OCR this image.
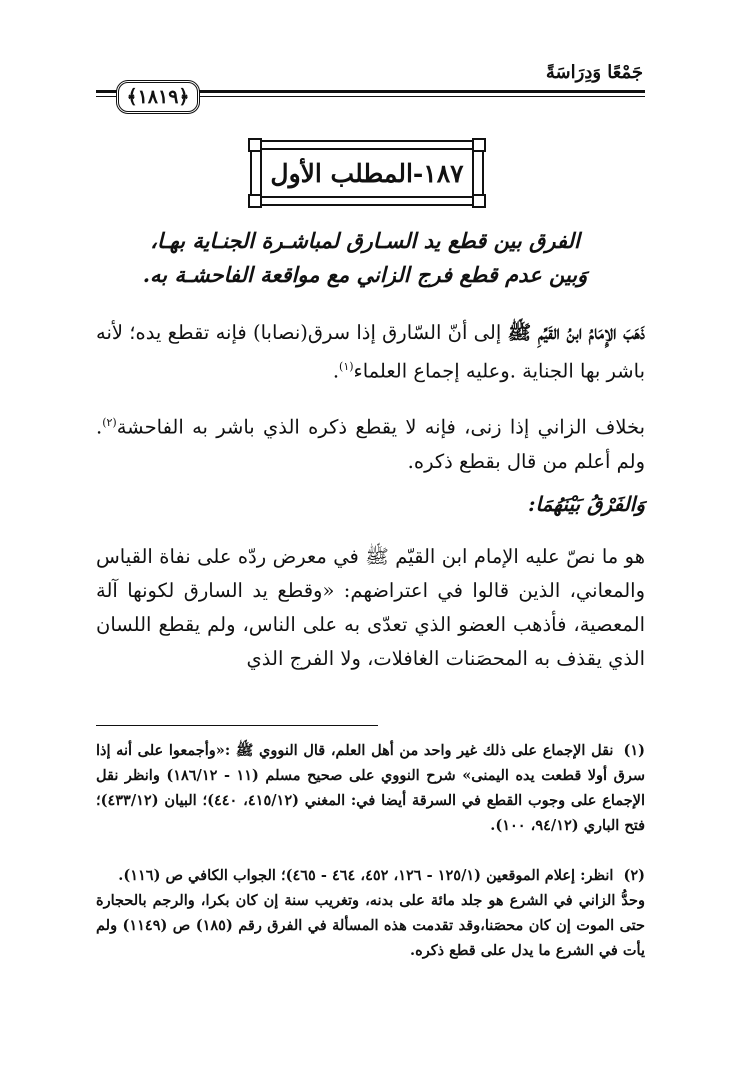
جَمْعًا وَدِرَاسَةً
﴿١٨١٩﴾
١٨٧-المطلب الأول
الفرق بين قطع يد السـارق لمباشـرة الجنـاية بهـا،
وَبين عدم قطع فرج الزاني مع مواقعة الفاحشـة به.
ذَهَبَ الإِمَامُ ابنُ القَيِّمِ ﷺ إلى أنّ السّارق إذا سرق(نصابا) فإنه تقطع يده؛ لأنه باشر بها الجناية .وعليه إجماع العلماء$^{(١)}$.
بخلاف الزاني إذا زنى، فإنه لا يقطع ذكره الذي باشر به الفاحشة$^{(٢)}$. ولم أعلم من قال بقطع ذكره.
وَالفَرْقُ بَيْنَهُمَا:
هو ما نصّ عليه الإمام ابن القيّم ﷺ في معرض ردّه على نفاة القياس والمعاني، الذين قالوا في اعتراضهم: «وقطع يد السارق لكونها آلة المعصية، فأذهب العضو الذي تعدّى به على الناس، ولم يقطع اللسان الذي يقذف به المحصَنات الغافلات، ولا الفرج الذي
(١)نقل الإجماع على ذلك غير واحد من أهل العلم، قال النووي ﷺ :«وأجمعوا على أنه إذا سرق أولا قطعت يده اليمنى» شرح النووي على صحيح مسلم (١١ - ١٨٦/١٢) وانظر نقل الإجماع على وجوب القطع في السرقة أيضا في: المغني (٤١٥/١٢، ٤٤٠)؛ البيان (٤٣٣/١٢)؛ فتح الباري (٩٤/١٢، ١٠٠).
(٢)انظر: إعلام الموقعين (١٢٥/١ - ١٢٦، ٤٥٢، ٤٦٤ - ٤٦٥)؛ الجواب الكافي ص (١١٦).
وحدُّ الزاني في الشرع هو جلد مائة على بدنه، وتغريب سنة إن كان بكرا، والرجم بالحجارة حتى الموت إن كان محصَنا،وقد تقدمت هذه المسألة في الفرق رقم (١٨٥) ص (١١٤٩) ولم يأت في الشرع ما يدل على قطع ذكره.
